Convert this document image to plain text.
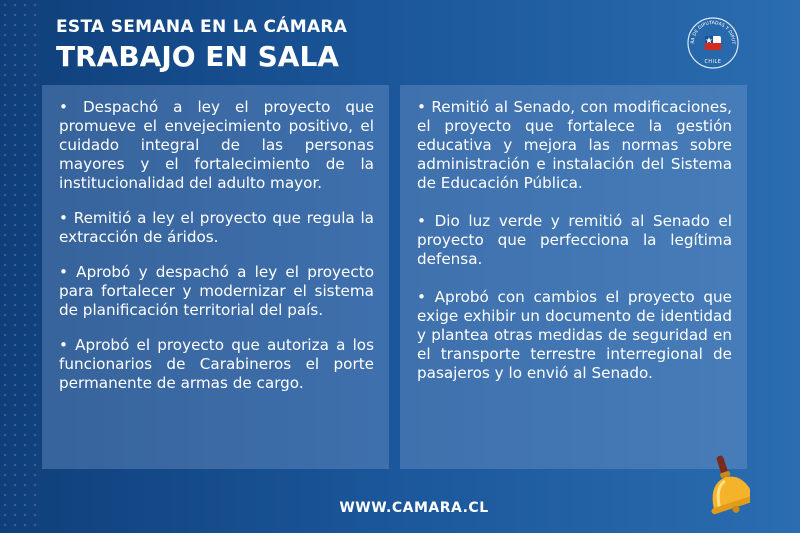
ESTA SEMANA EN LA CÁMARA
TRABAJO EN SALA	RA DE DIPUTADAS Y DIPUT
CHILE

• Despachó a ley el proyecto que promueve el envejecimiento positivo, el cuidado integral de las personas mayores y el fortalecimiento de la institucionalidad del adulto mayor.

• Remitió a ley el proyecto que regula la extracción de áridos.

• Aprobó y despachó a ley el proyecto para fortalecer y modernizar el sistema de planificación territorial del país.

• Aprobó el proyecto que autoriza a los funcionarios de Carabineros el porte permanente de armas de cargo.

• Remitió al Senado, con modificaciones, el proyecto que fortalece la gestión educativa y mejora las normas sobre administración e instalación del Sistema de Educación Pública.

• Dio luz verde y remitió al Senado el proyecto que perfecciona la legítima defensa.

• Aprobó con cambios el proyecto que exige exhibir un documento de identidad y plantea otras medidas de seguridad en el transporte terrestre interregional de pasajeros y lo envió al Senado.

WWW.CAMARA.CL
